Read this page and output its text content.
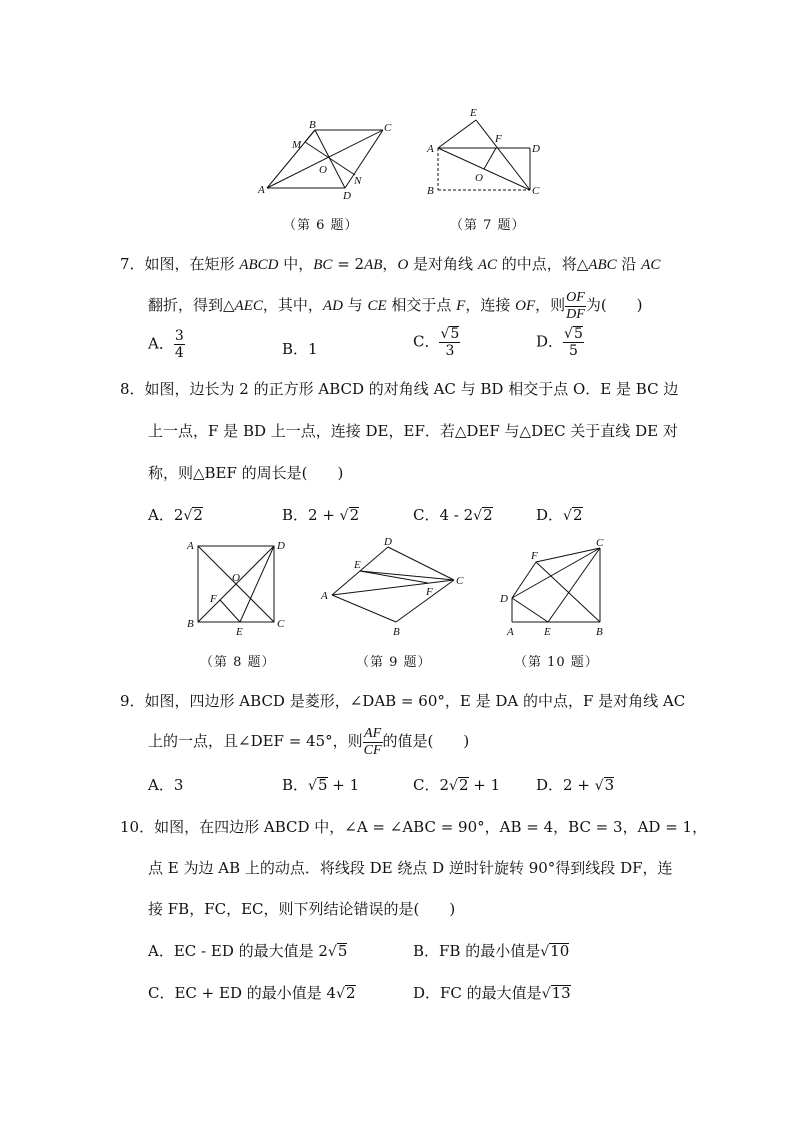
A
B	C
D
M
N
O
（第 6 题）
A
B	C
D
E
F
O
（第 7 题）
7．如图，在矩形 ABCD 中，BC = 2AB，O 是对角线 AC 的中点，将△ABC 沿 AC
翻折，得到△AEC，其中，AD 与 CE 相交于点 F，连接 OF，则 $\frac{OF}{DF}$ 为(　　)
A． $\frac{3}{4}$	B．1	C． $\frac{√5}{3}$	D． $\frac{√5}{5}$
8．如图，边长为 2 的正方形 ABCD 的对角线 AC 与 BD 相交于点 O．E 是 BC 边
上一点，F 是 BD 上一点，连接 DE，EF．若△DEF 与△DEC 关于直线 DE 对
称，则△BEF 的周长是(　　)
A．2√2	B．2 + √2	C．4 - 2√2	D．√2
A
B	C
D
E
F
O
（第 8 题）
A
B
C
D
E
F
（第 9 题）
A	B
C
D
E
F
（第 10 题）
9．如图，四边形 ABCD 是菱形，∠DAB = 60°，E 是 DA 的中点，F 是对角线 AC
上的一点，且∠DEF = 45°，则 $\frac{AF}{CF}$ 的值是(　　)
A．3	B．√5 + 1	C．2√2 + 1 D．2 + √3
10．如图，在四边形 ABCD 中，∠A = ∠ABC = 90°，AB = 4，BC = 3，AD = 1，
点 E 为边 AB 上的动点．将线段 DE 绕点 D 逆时针旋转 90°得到线段 DF，连
接 FB，FC，EC，则下列结论错误的是(　　)
A．EC - ED 的最大值是 2√5	B．FB 的最小值是√10
C．EC + ED 的最小值是 4√2	D．FC 的最大值是√13
